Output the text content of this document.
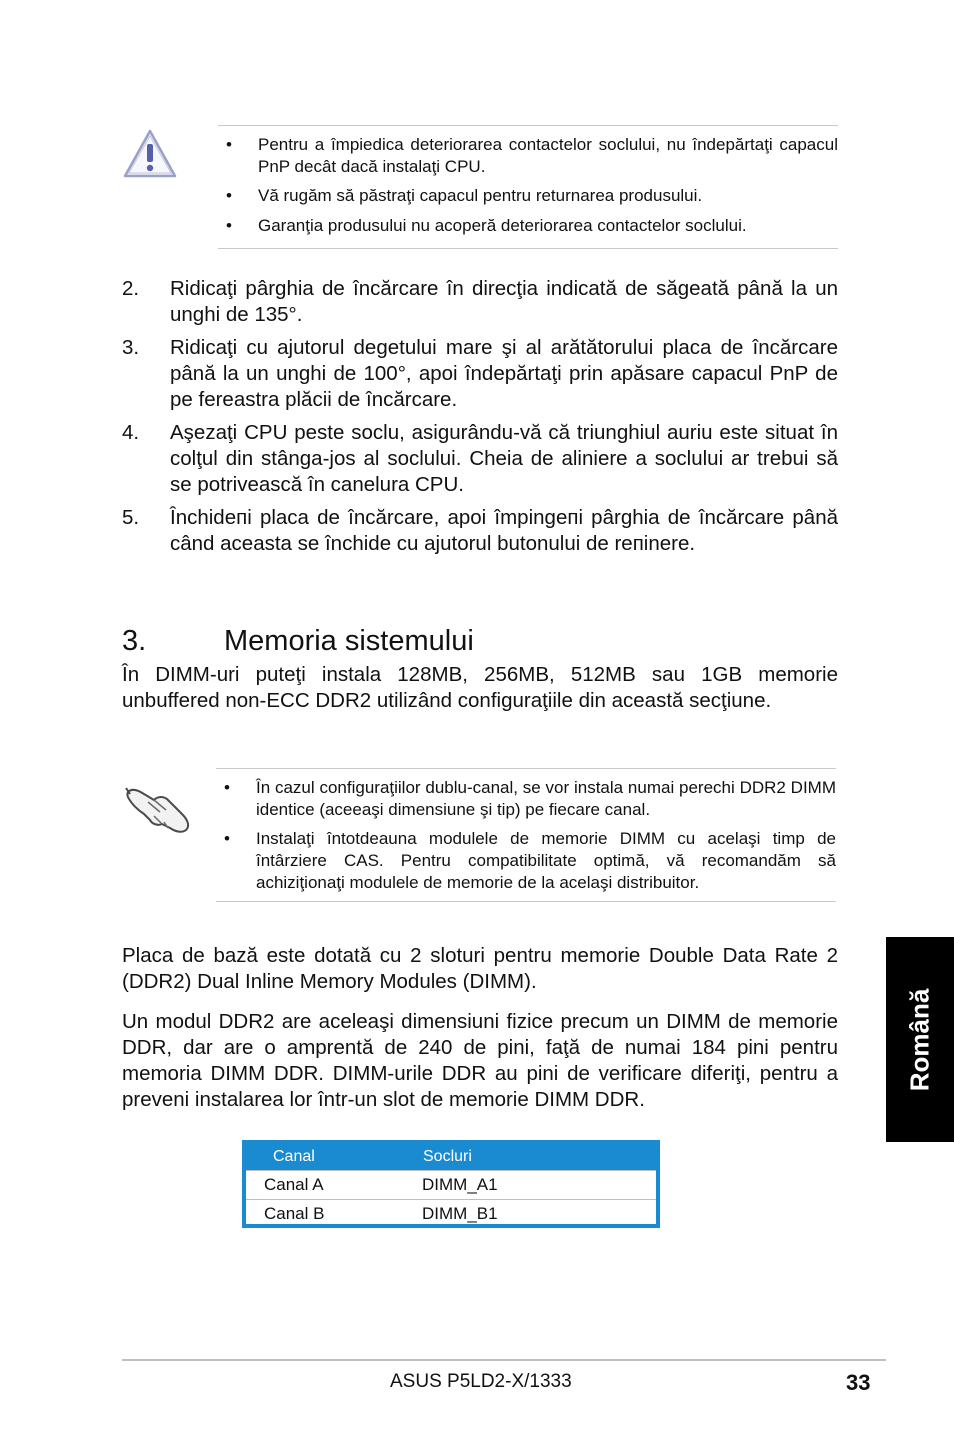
• Pentru a împiedica deteriorarea contactelor soclului, nu îndepărtaţi capacul PnP decât dacă instalaţi CPU.
• Vă rugăm să păstraţi capacul pentru returnarea produsului.
• Garanţia produsului nu acoperă deteriorarea contactelor soclului.
2. Ridicaţi pârghia de încărcare în direcţia indicată de săgeată până la un unghi de 135°.
3. Ridicaţi cu ajutorul degetului mare şi al arătătorului placa de încărcare până la un unghi de 100°, apoi îndepărtaţi prin apăsare capacul PnP de pe fereastra plăcii de încărcare.
4. Aşezaţi CPU peste soclu, asigurându-vă că triunghiul auriu este situat în colţul din stânga-jos al soclului. Cheia de aliniere a soclului ar trebui să se potrivească în canelura CPU.
5. Închideпi placa de încărcare, apoi împingeпi pârghia de încărcare până când aceasta se închide cu ajutorul butonului de reпinere.
3.	Memoria sistemului

În DIMM-uri puteţi instala 128MB, 256MB, 512MB sau 1GB memorie unbuffered non-ECC DDR2 utilizând configuraţiile din această secţiune.

• În cazul configuraţiilor dublu-canal, se vor instala numai perechi DDR2 DIMM identice (aceeaşi dimensiune şi tip) pe fiecare canal.
• Instalaţi întotdeauna modulele de memorie DIMM cu acelaşi timp de întârziere CAS. Pentru compatibilitate optimă, vă recomandăm să achiziţionaţi modulele de memorie de la acelaşi distribuitor.

Placa de bază este dotată cu 2 sloturi pentru memorie Double Data Rate 2 (DDR2) Dual Inline Memory Modules (DIMM).

Un modul DDR2 are aceleaşi dimensiuni fizice precum un DIMM de memorie DDR, dar are o amprentă de 240 de pini, faţă de numai 184 pini pentru memoria DIMM DDR. DIMM-urile DDR au pini de verificare diferiţi, pentru a preveni instalarea lor într-un slot de memorie DIMM DDR.

Canal	Socluri
Canal A	DIMM_A1
Canal B	DIMM_B1
Română
ASUS P5LD2-X/1333	33
